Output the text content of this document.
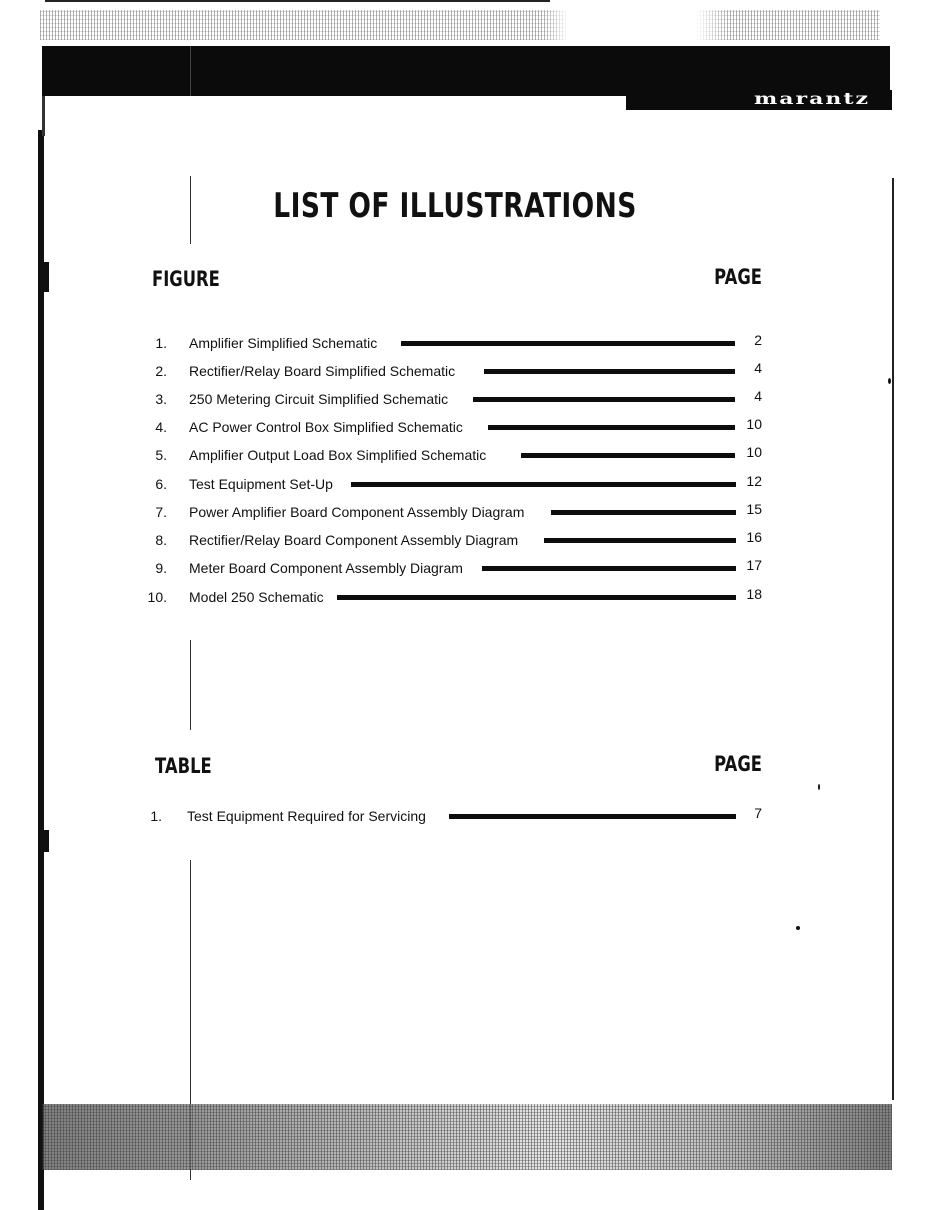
marantz
LIST OF ILLUSTRATIONS
FIGURE	PAGE
1. Amplifier Simplified Schematic	2
2. Rectifier/Relay Board Simplified Schematic	4
3. 250 Metering Circuit Simplified Schematic	4
4. AC Power Control Box Simplified Schematic	10
5. Amplifier Output Load Box Simplified Schematic	10
6. Test Equipment Set-Up	12
7. Power Amplifier Board Component Assembly Diagram	15
8. Rectifier/Relay Board Component Assembly Diagram	16
9. Meter Board Component Assembly Diagram	17
10. Model 250 Schematic	18
TABLE	PAGE
1. Test Equipment Required for Servicing	7
